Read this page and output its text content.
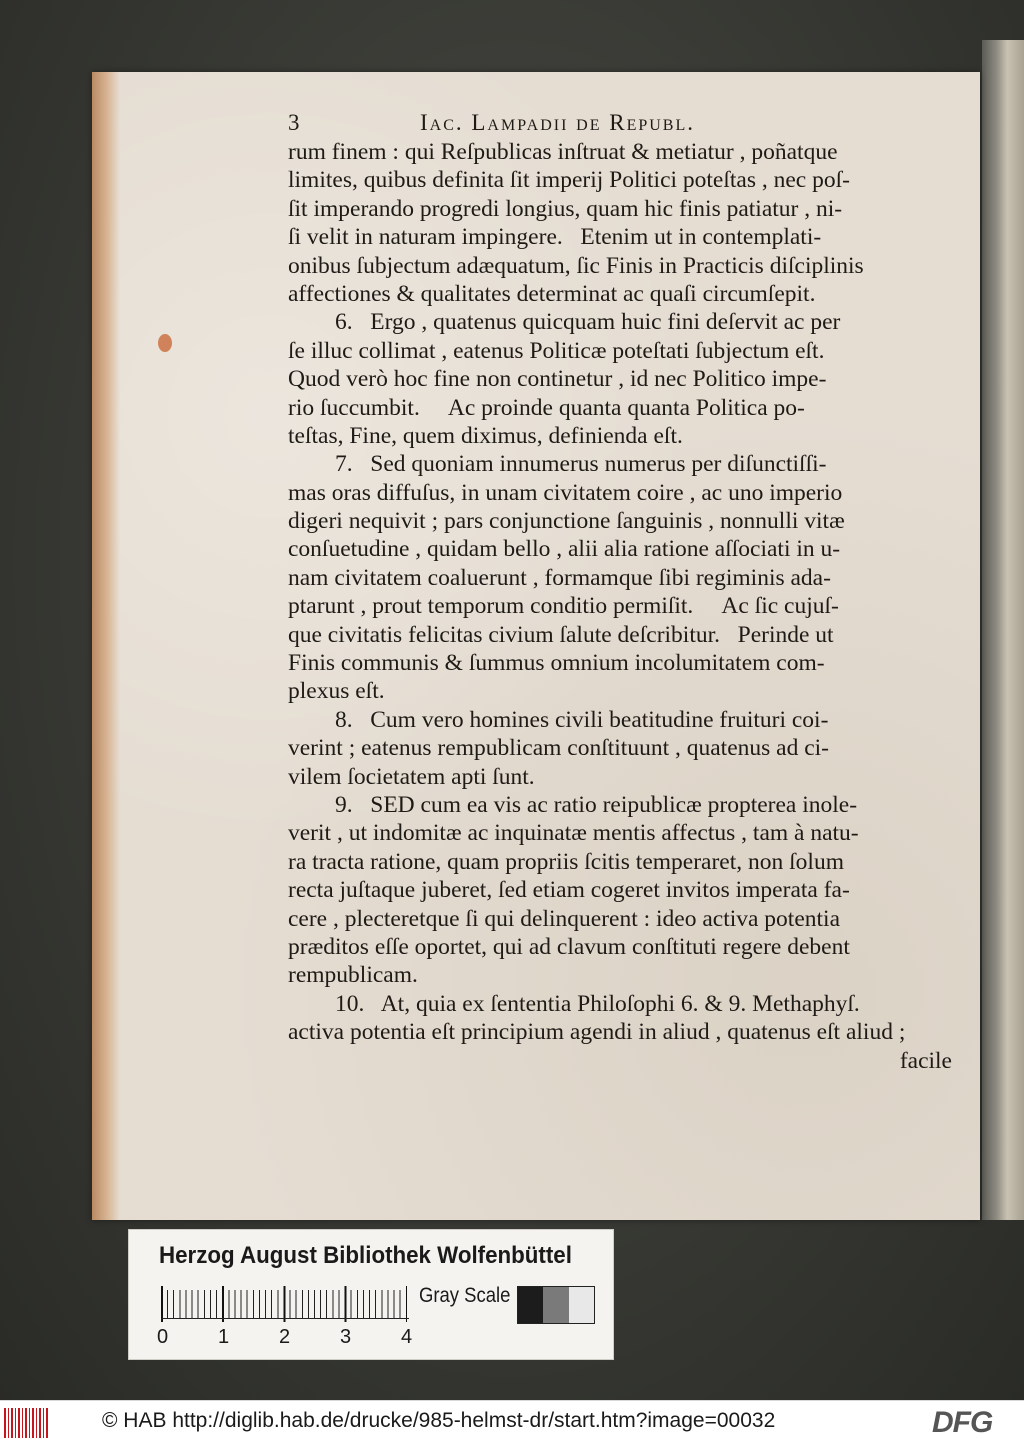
3	Iac. Lampadii de Republ.
rum finem : qui Reſpublicas inſtruat & metiatur , poñatque
limites, quibus definita ſit imperij Politici poteſtas , nec poſ-
ſit imperando progredi longius, quam hic finis patiatur , ni-
ſi velit in naturam impingere.   Etenim ut in contemplati-
onibus ſubjectum adæquatum, ſic Finis in Practicis diſciplinis
affectiones & qualitates determinat ac quaſi circumſepit.
6.   Ergo , quatenus quicquam huic fini deſervit ac per
ſe illuc collimat , eatenus Politicæ poteſtati ſubjectum eſt.
Quod verò hoc fine non continetur , id nec Politico impe-
rio ſuccumbit.     Ac proinde quanta quanta Politica po-
teſtas, Fine, quem diximus, definienda eſt.
7.   Sed quoniam innumerus numerus per diſunctiſſi-
mas oras diffuſus, in unam civitatem coire , ac uno imperio
digeri nequivit ; pars conjunctione ſanguinis , nonnulli vitæ
conſuetudine , quidam bello , alii alia ratione aſſociati in u-
nam civitatem coaluerunt , formamque ſibi regiminis ada-
ptarunt , prout temporum conditio permiſit.     Ac ſic cujuſ-
que civitatis felicitas civium ſalute deſcribitur.   Perinde ut
Finis communis & ſummus omnium incolumitatem com-
plexus eſt.
8.   Cum vero homines civili beatitudine fruituri coi-
verint ; eatenus rempublicam conſtituunt , quatenus ad ci-
vilem ſocietatem apti ſunt.
9.   SED cum ea vis ac ratio reipublicæ propterea inole-
verit , ut indomitæ ac inquinatæ mentis affectus , tam à natu-
ra tracta ratione, quam propriis ſcitis temperaret, non ſolum
recta juſtaque juberet, ſed etiam cogeret invitos imperata fa-
cere , plecteretque ſi qui delinquerent : ideo activa potentia
præditos eſſe oportet, qui ad clavum conſtituti regere debent
rempublicam.
10.   At, quia ex ſententia Philoſophi 6. & 9. Methaphyſ.
activa potentia eſt principium agendi in aliud , quatenus eſt aliud ;
facile
Herzog August Bibliothek Wolfenbüttel
0 1 2 3 4
Gray Scale
© HAB http://diglib.hab.de/drucke/985-helmst-dr/start.htm?image=00032	DFG
